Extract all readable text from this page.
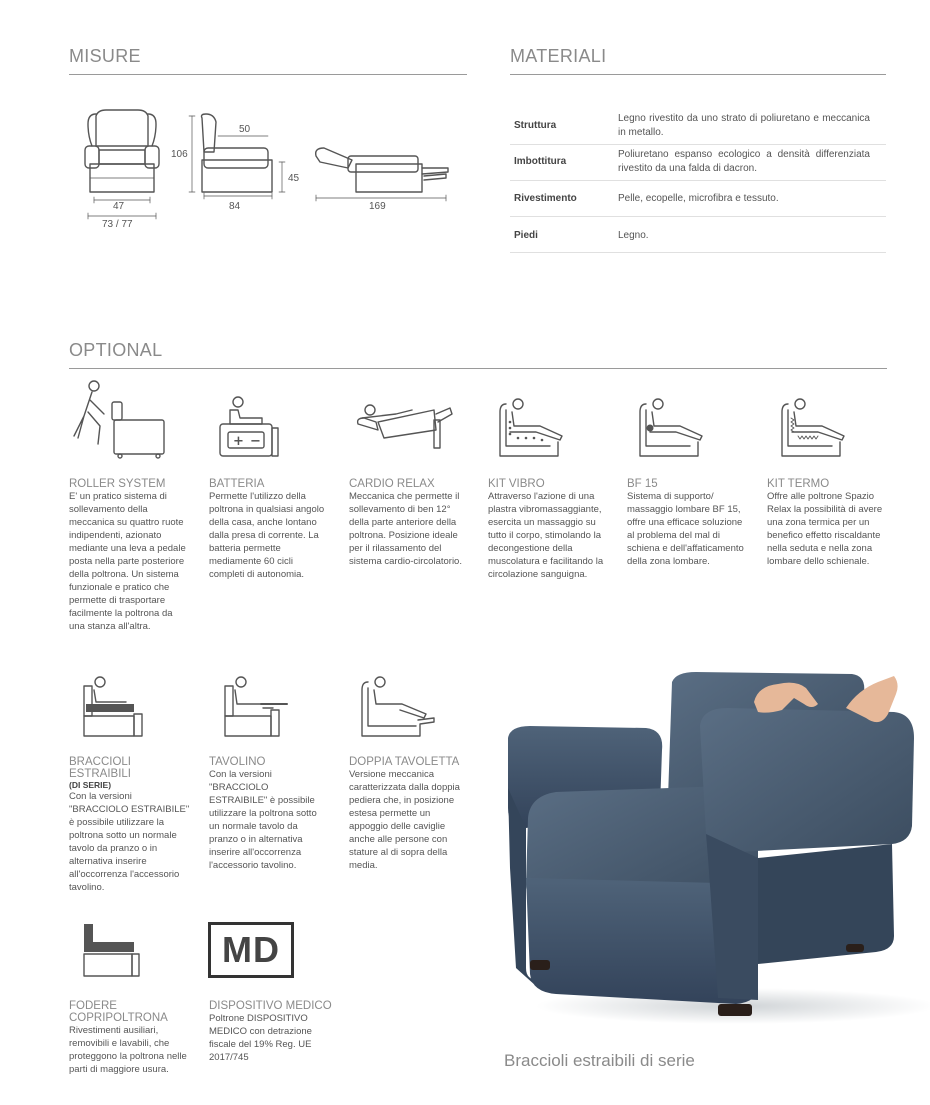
MISURE
47
73 / 77
106
50
45
84	169
MATERIALI
Struttura
Legno rivestito da uno strato di poliuretano e meccanica in metallo.
Imbottitura
Poliuretano espanso ecologico a densità differenziata rivestito da una falda di dacron.
Rivestimento	Pelle, ecopelle, microfibra e tessuto.
Piedi	Legno.
OPTIONAL
+ −
ROLLER SYSTEM
E' un pratico sistema di sollevamento della meccanica su quattro ruote indipendenti, azionato mediante una leva a pedale posta nella parte posteriore della poltrona. Un sistema funzionale e pratico che permette di trasportare facilmente la poltrona da una stanza all'altra.
BATTERIA
Permette l'utilizzo della poltrona in qualsiasi angolo della casa, anche lontano dalla presa di corrente. La batteria permette mediamente 60 cicli completi di autonomia.
CARDIO RELAX
Meccanica che permette il sollevamento di ben 12° della parte anteriore della poltrona. Posizione ideale per il rilassamento del sistema cardio-circolatorio.
KIT VIBRO
Attraverso l'azione di una plastra vibromassaggiante, esercita un massaggio su tutto il corpo, stimolando la decongestione della muscolatura e facilitando la circolazione sanguigna.
BF 15
Sistema di supporto/ massaggio lombare BF 15, offre una efficace soluzione al problema del mal di schiena e dell'affaticamento della zona lombare.
KIT TERMO
Offre alle poltrone Spazio Relax la possibilità di avere una zona termica per un benefico effetto riscaldante nella seduta e nella zona lombare dello schienale.
BRACCIOLI ESTRAIBILI
(DI SERIE)
Con la versioni "BRACCIOLO ESTRAIBILE" è possibile utilizzare la poltrona sotto un normale tavolo da pranzo o in alternativa inserire all'occorrenza l'accessorio tavolino.
TAVOLINO
Con la versioni "BRACCIOLO ESTRAIBILE" è possibile utilizzare la poltrona sotto un normale tavolo da pranzo o in alternativa inserire all'occorrenza l'accessorio tavolino.
DOPPIA TAVOLETTA
Versione meccanica caratterizzata dalla doppia pediera che, in posizione estesa permette un appoggio delle caviglie anche alle persone con stature al di sopra della media.
MD
FODERE COPRIPOLTRONA
Rivestimenti ausiliari, removibili e lavabili, che proteggono la poltrona nelle parti di maggiore usura.
DISPOSITIVO MEDICO
Poltrone DISPOSITIVO MEDICO con detrazione fiscale del 19% Reg. UE 2017/745	Braccioli estraibili di serie
